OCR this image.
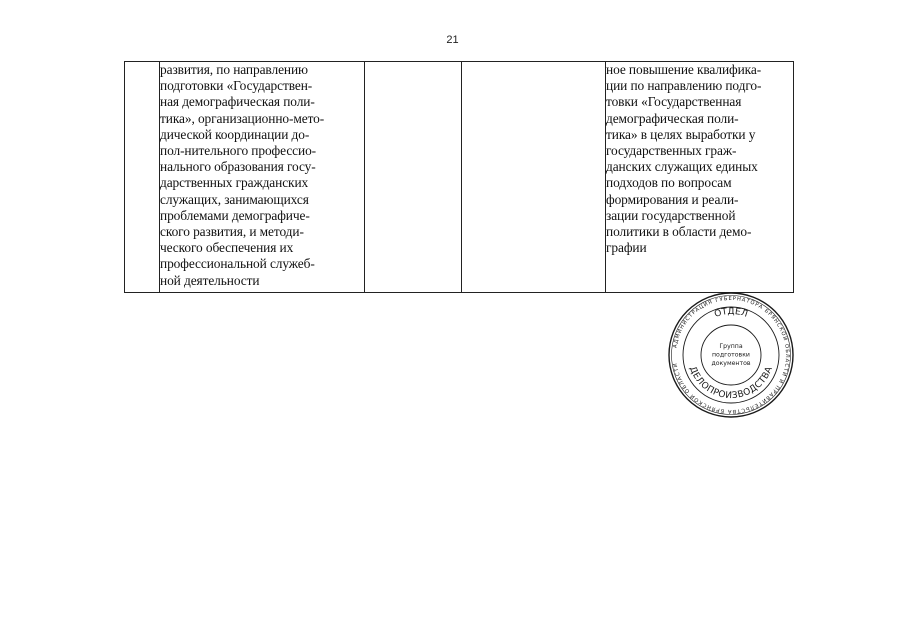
21
	развития, по направлению
подготовки «Государствен-
ная демографическая поли-
тика», организационно-мето-
дической координации до-
пол-нительного профессио-
нального образования госу-
дарственных гражданских
служащих, занимающихся
проблемами демографиче-
ского развития, и методи-
ческого обеспечения их
профессиональной служеб-
ной деятельности			ное повышение квалифика-
ции по направлению подго-
товки «Государственная
демографическая поли-
тика» в целях выработки у
государственных граж-
данских служащих единых
подходов по вопросам
формирования и реали-
зации государственной
политики в области демо-
графии
АДМИНИСТРАЦИЯ ГУБЕРНАТОРА БРЯНСКОЙ ОБЛАСТИ И ПРАВИТЕЛЬСТВА БРЯНСКОЙ ОБЛАСТИ
ОТДЕЛ
ДЕЛОПРОИЗВОДСТВА
Группа
подготовки
документов
